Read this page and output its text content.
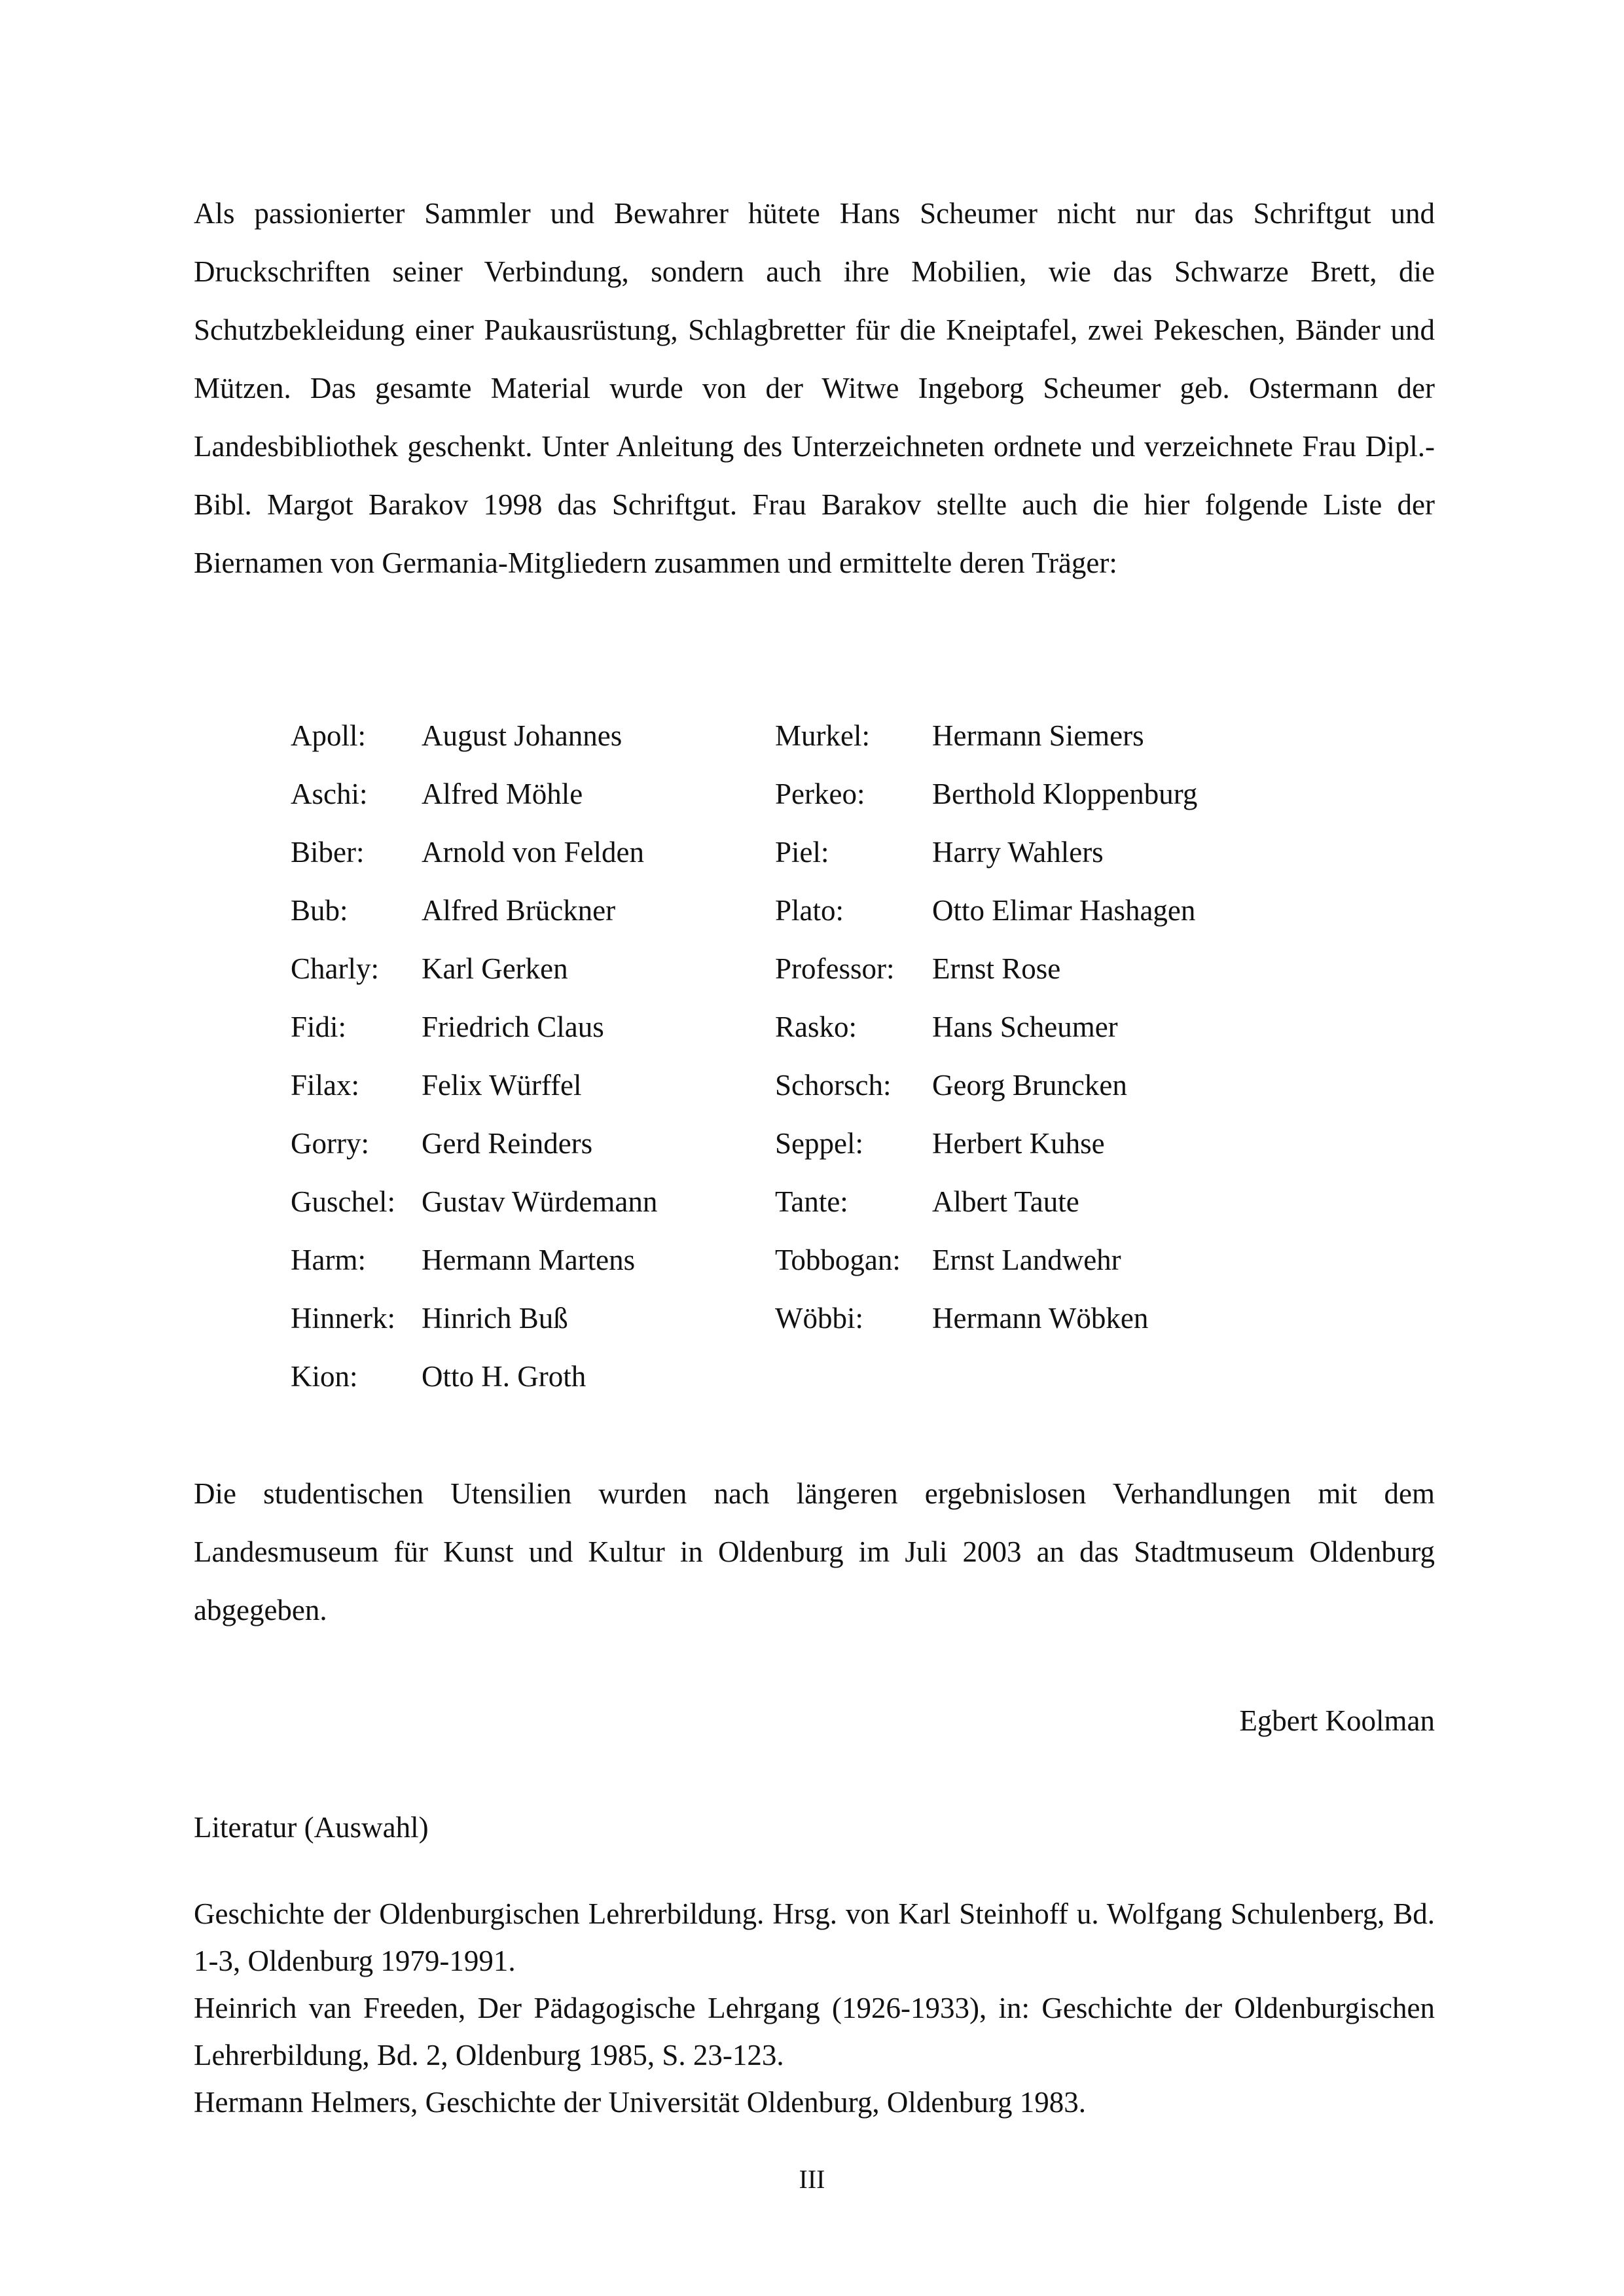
Als passionierter Sammler und Bewahrer hütete Hans Scheumer nicht nur das Schriftgut und Druckschriften seiner Verbindung, sondern auch ihre Mobilien, wie das Schwarze Brett, die Schutzbekleidung einer Paukausrüstung, Schlagbretter für die Kneiptafel, zwei Pekeschen, Bänder und Mützen. Das gesamte Material wurde von der Witwe Ingeborg Scheumer geb. Ostermann der Landesbibliothek geschenkt. Unter Anleitung des Unterzeichneten ordnete und verzeichnete Frau Dipl.-Bibl. Margot Barakov 1998 das Schriftgut. Frau Barakov stellte auch die hier folgende Liste der Biernamen von Germania-Mitgliedern zusammen und ermittelte deren Träger:

Apoll: August Johannes
Aschi: Alfred Möhle
Biber: Arnold von Felden
Bub: Alfred Brückner
Charly: Karl Gerken
Fidi:	Friedrich Claus
Filax: Felix Würffel
Gorry: Gerd Reinders
Guschel: Gustav Würdemann
Harm: Hermann Martens
Hinnerk: Hinrich Buß
Kion: Otto H. Groth
Murkel: Hermann Siemers
Perkeo: Berthold Kloppenburg
Piel:	Harry Wahlers
Plato:	Otto Elimar Hashagen
Professor: Ernst Rose
Rasko:	Hans Scheumer
Schorsch: Georg Bruncken
Seppel: Herbert Kuhse
Tante:	Albert Taute
Tobbogan: Ernst Landwehr
Wöbbi: Hermann Wöbken

Die studentischen Utensilien wurden nach längeren ergebnislosen Verhandlungen mit dem Landesmuseum für Kunst und Kultur in Oldenburg im Juli 2003 an das Stadtmuseum Oldenburg abgegeben.

Egbert Koolman

Literatur (Auswahl)

Geschichte der Oldenburgischen Lehrerbildung. Hrsg. von Karl Steinhoff u. Wolfgang Schulenberg, Bd. 1-3, Oldenburg 1979-1991.

Heinrich van Freeden, Der Pädagogische Lehrgang (1926-1933), in: Geschichte der Oldenburgischen Lehrerbildung, Bd. 2, Oldenburg 1985, S. 23-123.

Hermann Helmers, Geschichte der Universität Oldenburg, Oldenburg 1983.

III
